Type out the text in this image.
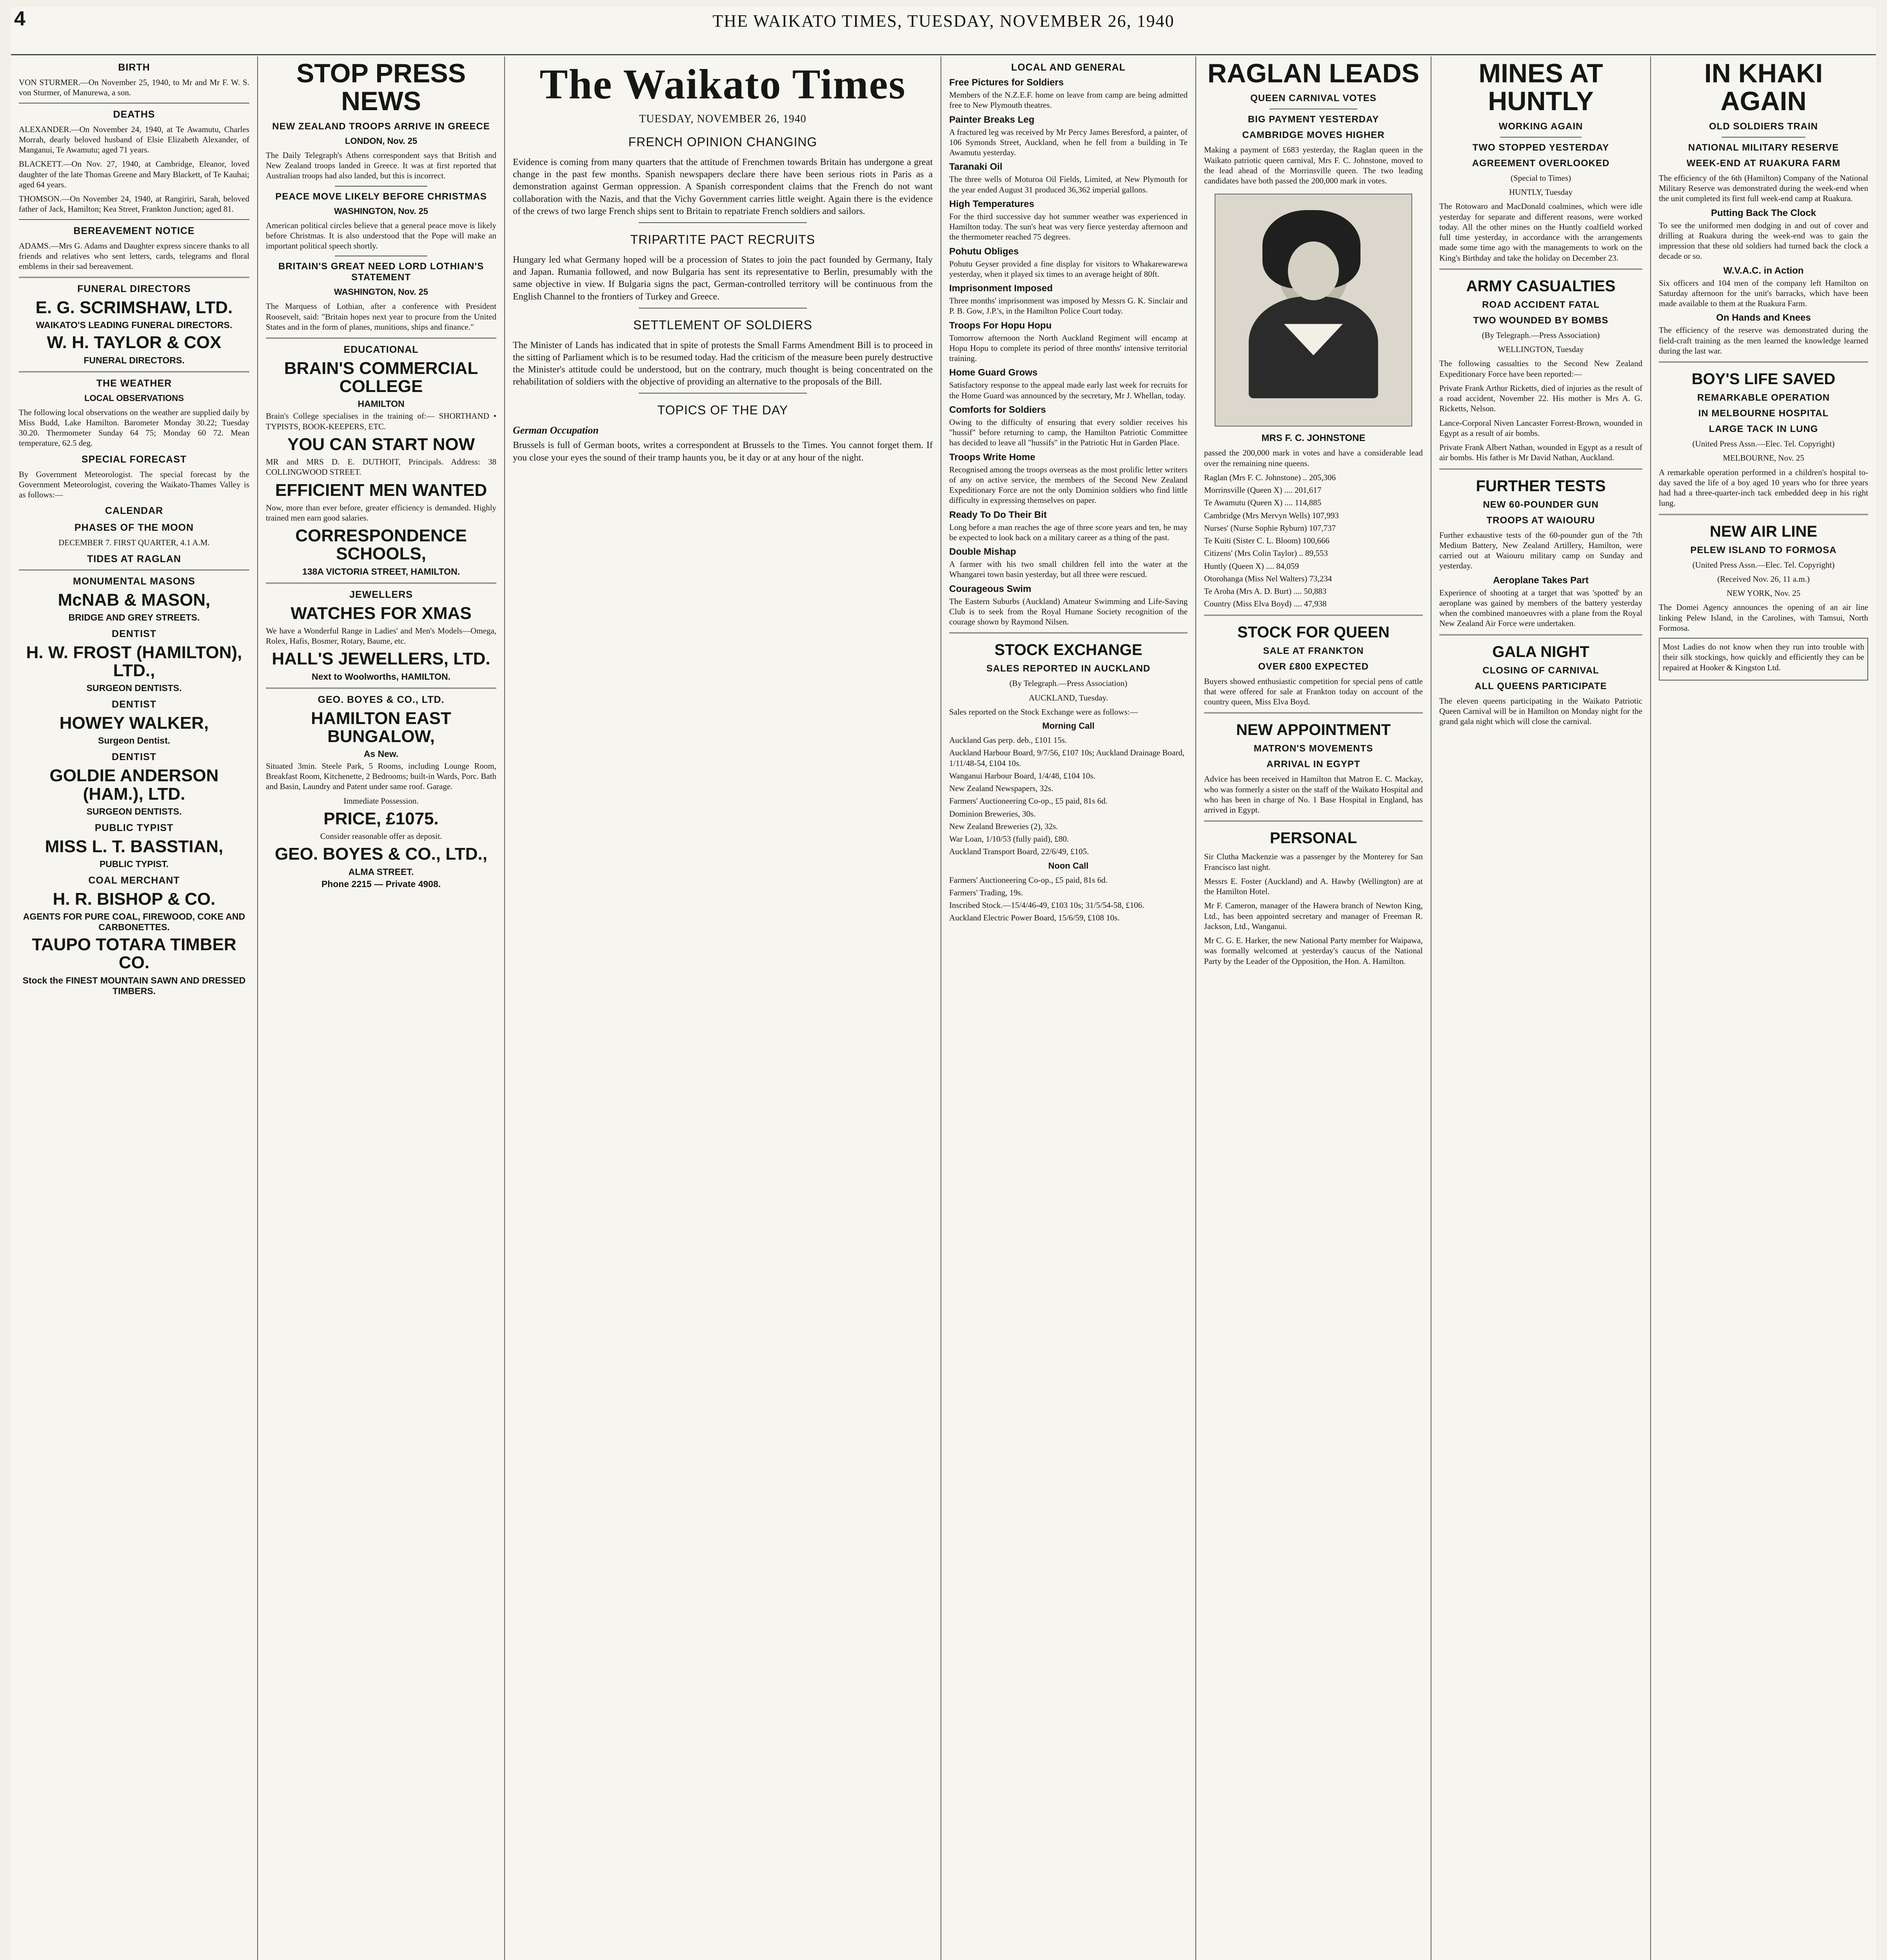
4	THE WAIKATO TIMES, TUESDAY, NOVEMBER 26, 1940
BIRTH

VON STURMER.—On November 25, 1940, to Mr and Mr F. W. S. von Sturmer, of Manurewa, a son.

DEATHS

ALEXANDER.—On November 24, 1940, at Te Awamutu, Charles Morrah, dearly beloved husband of Elsie Elizabeth Alexander, of Manganui, Te Awamutu; aged 71 years.

BLACKETT.—On Nov. 27, 1940, at Cambridge, Eleanor, loved daughter of the late Thomas Greene and Mary Blackett, of Te Kauhai; aged 64 years.

THOMSON.—On November 24, 1940, at Rangiriri, Sarah, beloved father of Jack, Hamilton; Kea Street, Frankton Junction; aged 81.

BEREAVEMENT NOTICE

ADAMS.—Mrs G. Adams and Daughter express sincere thanks to all friends and relatives who sent letters, cards, telegrams and floral emblems in their sad bereavement.

FUNERAL DIRECTORS
E. G. SCRIMSHAW, LTD.
WAIKATO'S LEADING FUNERAL DIRECTORS.
W. H. TAYLOR & COX
FUNERAL DIRECTORS.
THE WEATHER
LOCAL OBSERVATIONS

The following local observations on the weather are supplied daily by Miss Budd, Lake Hamilton. Barometer Monday 30.22; Tuesday 30.20. Thermometer Sunday 64 75; Monday 60 72. Mean temperature, 62.5 deg.

SPECIAL FORECAST

By Government Meteorologist. The special forecast by the Government Meteorologist, covering the Waikato-Thames Valley is as follows:—

CALENDAR
PHASES OF THE MOON

DECEMBER 7. FIRST QUARTER, 4.1 A.M.

TIDES AT RAGLAN
MONUMENTAL MASONS
McNAB & MASON,
BRIDGE AND GREY STREETS.
DENTIST
H. W. FROST (HAMILTON), LTD.,
SURGEON DENTISTS.
DENTIST
HOWEY WALKER,
Surgeon Dentist.
DENTIST
GOLDIE ANDERSON (HAM.), LTD.
SURGEON DENTISTS.
PUBLIC TYPIST
MISS L. T. BASSTIAN,
PUBLIC TYPIST.
COAL MERCHANT
H. R. BISHOP & CO.
AGENTS FOR PURE COAL, FIREWOOD, COKE AND CARBONETTES.
TAUPO TOTARA TIMBER CO.
Stock the FINEST MOUNTAIN SAWN AND DRESSED TIMBERS.
STOP PRESS NEWS
NEW ZEALAND TROOPS ARRIVE IN GREECE
LONDON, Nov. 25

The Daily Telegraph's Athens correspondent says that British and New Zealand troops landed in Greece. It was at first reported that Australian troops had also landed, but this is incorrect.

PEACE MOVE LIKELY BEFORE CHRISTMAS
WASHINGTON, Nov. 25

American political circles believe that a general peace move is likely before Christmas. It is also understood that the Pope will make an important political speech shortly.

BRITAIN'S GREAT NEED LORD LOTHIAN'S STATEMENT
WASHINGTON, Nov. 25

The Marquess of Lothian, after a conference with President Roosevelt, said: "Britain hopes next year to procure from the United States and in the form of planes, munitions, ships and finance."

EDUCATIONAL
BRAIN'S COMMERCIAL COLLEGE
HAMILTON

Brain's College specialises in the training of:— SHORTHAND • TYPISTS, BOOK-KEEPERS, ETC.

YOU CAN START NOW

MR and MRS D. E. DUTHOIT, Principals. Address: 38 COLLINGWOOD STREET.

EFFICIENT MEN WANTED

Now, more than ever before, greater efficiency is demanded. Highly trained men earn good salaries.

CORRESPONDENCE SCHOOLS,
138A VICTORIA STREET, HAMILTON.
JEWELLERS
WATCHES FOR XMAS

We have a Wonderful Range in Ladies' and Men's Models—Omega, Rolex, Hafis, Bosmer, Rotary, Baume, etc.

HALL'S JEWELLERS, LTD.
Next to Woolworths, HAMILTON.
GEO. BOYES & CO., LTD.
HAMILTON EAST BUNGALOW,
As New.

Situated 3min. Steele Park, 5 Rooms, including Lounge Room, Breakfast Room, Kitchenette, 2 Bedrooms; built-in Wards, Porc. Bath and Basin, Laundry and Patent under same roof. Garage.

Immediate Possession.

PRICE, £1075.

Consider reasonable offer as deposit.

GEO. BOYES & CO., LTD.,
ALMA STREET.
Phone 2215 — Private 4908.
The Waikato Times
TUESDAY, NOVEMBER 26, 1940
FRENCH OPINION CHANGING

Evidence is coming from many quarters that the attitude of Frenchmen towards Britain has undergone a great change in the past few months. Spanish newspapers declare there have been serious riots in Paris as a demonstration against German oppression. A Spanish correspondent claims that the French do not want collaboration with the Nazis, and that the Vichy Government carries little weight. Again there is the evidence of the crews of two large French ships sent to Britain to repatriate French soldiers and sailors.

TRIPARTITE PACT RECRUITS

Hungary led what Germany hoped will be a procession of States to join the pact founded by Germany, Italy and Japan. Rumania followed, and now Bulgaria has sent its representative to Berlin, presumably with the same objective in view. If Bulgaria signs the pact, German-controlled territory will be continuous from the English Channel to the frontiers of Turkey and Greece.

SETTLEMENT OF SOLDIERS

The Minister of Lands has indicated that in spite of protests the Small Farms Amendment Bill is to proceed in the sitting of Parliament which is to be resumed today. Had the criticism of the measure been purely destructive the Minister's attitude could be understood, but on the contrary, much thought is being concentrated on the rehabilitation of soldiers with the objective of providing an alternative to the proposals of the Bill.

TOPICS OF THE DAY
German Occupation

Brussels is full of German boots, writes a correspondent at Brussels to the Times. You cannot forget them. If you close your eyes the sound of their tramp haunts you, be it day or at any hour of the night.

LOCAL AND GENERAL
Free Pictures for Soldiers

Members of the N.Z.E.F. home on leave from camp are being admitted free to New Plymouth theatres.

Painter Breaks Leg

A fractured leg was received by Mr Percy James Beresford, a painter, of 106 Symonds Street, Auckland, when he fell from a building in Te Awamutu yesterday.

Taranaki Oil

The three wells of Moturoa Oil Fields, Limited, at New Plymouth for the year ended August 31 produced 36,362 imperial gallons.

High Temperatures

For the third successive day hot summer weather was experienced in Hamilton today. The sun's heat was very fierce yesterday afternoon and the thermometer reached 75 degrees.

Pohutu Obliges

Pohutu Geyser provided a fine display for visitors to Whakarewarewa yesterday, when it played six times to an average height of 80ft.

Imprisonment Imposed

Three months' imprisonment was imposed by Messrs G. K. Sinclair and P. B. Gow, J.P.'s, in the Hamilton Police Court today.

Troops For Hopu Hopu

Tomorrow afternoon the North Auckland Regiment will encamp at Hopu Hopu to complete its period of three months' intensive territorial training.

Home Guard Grows

Satisfactory response to the appeal made early last week for recruits for the Home Guard was announced by the secretary, Mr J. Whellan, today.

Comforts for Soldiers

Owing to the difficulty of ensuring that every soldier receives his "hussif" before returning to camp, the Hamilton Patriotic Committee has decided to leave all "hussifs" in the Patriotic Hut in Garden Place.

Troops Write Home

Recognised among the troops overseas as the most prolific letter writers of any on active service, the members of the Second New Zealand Expeditionary Force are not the only Dominion soldiers who find little difficulty in expressing themselves on paper.

Ready To Do Their Bit

Long before a man reaches the age of three score years and ten, he may be expected to look back on a military career as a thing of the past.

Double Mishap

A farmer with his two small children fell into the water at the Whangarei town basin yesterday, but all three were rescued.

Courageous Swim

The Eastern Suburbs (Auckland) Amateur Swimming and Life-Saving Club is to seek from the Royal Humane Society recognition of the courage shown by Raymond Nilsen.

STOCK EXCHANGE
SALES REPORTED IN AUCKLAND

(By Telegraph.—Press Association)

AUCKLAND, Tuesday.

Sales reported on the Stock Exchange were as follows:—

Morning Call
Auckland Gas perp. deb., £101 15s.
Auckland Harbour Board, 9/7/56, £107 10s; Auckland Drainage Board, 1/11/48-54, £104 10s.
Wanganui Harbour Board, 1/4/48, £104 10s.
New Zealand Newspapers, 32s.
Farmers' Auctioneering Co-op., £5 paid, 81s 6d.
Dominion Breweries, 30s.
New Zealand Breweries (2), 32s.
War Loan, 1/10/53 (fully paid), £80.
Auckland Transport Board, 22/6/49, £105.
Noon Call
Farmers' Auctioneering Co-op., £5 paid, 81s 6d.
Farmers' Trading, 19s.
Inscribed Stock.—15/4/46-49, £103 10s; 31/5/54-58, £106.
Auckland Electric Power Board, 15/6/59, £108 10s.
RAGLAN LEADS
QUEEN CARNIVAL VOTES
BIG PAYMENT YESTERDAY
CAMBRIDGE MOVES HIGHER

Making a payment of £683 yesterday, the Raglan queen in the Waikato patriotic queen carnival, Mrs F. C. Johnstone, moved to the lead ahead of the Morrinsville queen. The two leading candidates have both passed the 200,000 mark in votes.

MRS F. C. JOHNSTONE

passed the 200,000 mark in votes and have a considerable lead over the remaining nine queens.

Raglan (Mrs F. C. Johnstone) .. 205,306
Morrinsville (Queen X) .... 201,617
Te Awamutu (Queen X) .... 114,885
Cambridge (Mrs Mervyn Wells) 107,993
Nurses' (Nurse Sophie Ryburn) 107,737
Te Kuiti (Sister C. L. Bloom) 100,666
Citizens' (Mrs Colin Taylor) .. 89,553
Huntly (Queen X) .... 84,059
Otorohanga (Miss Nel Walters) 73,234
Te Aroha (Mrs A. D. Burt) .... 50,883
Country (Miss Elva Boyd) .... 47,938
STOCK FOR QUEEN
SALE AT FRANKTON
OVER £800 EXPECTED

Buyers showed enthusiastic competition for special pens of cattle that were offered for sale at Frankton today on account of the country queen, Miss Elva Boyd.

NEW APPOINTMENT
MATRON'S MOVEMENTS
ARRIVAL IN EGYPT

Advice has been received in Hamilton that Matron E. C. Mackay, who was formerly a sister on the staff of the Waikato Hospital and who has been in charge of No. 1 Base Hospital in England, has arrived in Egypt.

PERSONAL

Sir Clutha Mackenzie was a passenger by the Monterey for San Francisco last night.

Messrs E. Foster (Auckland) and A. Hawby (Wellington) are at the Hamilton Hotel.

Mr F. Cameron, manager of the Hawera branch of Newton King, Ltd., has been appointed secretary and manager of Freeman R. Jackson, Ltd., Wanganui.

Mr C. G. E. Harker, the new National Party member for Waipawa, was formally welcomed at yesterday's caucus of the National Party by the Leader of the Opposition, the Hon. A. Hamilton.

MINES AT HUNTLY
WORKING AGAIN
TWO STOPPED YESTERDAY
AGREEMENT OVERLOOKED

(Special to Times)

HUNTLY, Tuesday

The Rotowaro and MacDonald coalmines, which were idle yesterday for separate and different reasons, were worked today. All the other mines on the Huntly coalfield worked full time yesterday, in accordance with the arrangements made some time ago with the managements to work on the King's Birthday and take the holiday on December 23.

ARMY CASUALTIES
ROAD ACCIDENT FATAL
TWO WOUNDED BY BOMBS

(By Telegraph.—Press Association)

WELLINGTON, Tuesday

The following casualties to the Second New Zealand Expeditionary Force have been reported:—

Private Frank Arthur Ricketts, died of injuries as the result of a road accident, November 22. His mother is Mrs A. G. Ricketts, Nelson.

Lance-Corporal Niven Lancaster Forrest-Brown, wounded in Egypt as a result of air bombs.

Private Frank Albert Nathan, wounded in Egypt as a result of air bombs. His father is Mr David Nathan, Auckland.

FURTHER TESTS
NEW 60-POUNDER GUN
TROOPS AT WAIOURU

Further exhaustive tests of the 60-pounder gun of the 7th Medium Battery, New Zealand Artillery, Hamilton, were carried out at Waiouru military camp on Sunday and yesterday.

Aeroplane Takes Part

Experience of shooting at a target that was 'spotted' by an aeroplane was gained by members of the battery yesterday when the combined manoeuvres with a plane from the Royal New Zealand Air Force were undertaken.

GALA NIGHT
CLOSING OF CARNIVAL
ALL QUEENS PARTICIPATE

The eleven queens participating in the Waikato Patriotic Queen Carnival will be in Hamilton on Monday night for the grand gala night which will close the carnival.

IN KHAKI AGAIN
OLD SOLDIERS TRAIN
NATIONAL MILITARY RESERVE
WEEK-END AT RUAKURA FARM

The efficiency of the 6th (Hamilton) Company of the National Military Reserve was demonstrated during the week-end when the unit completed its first full week-end camp at Ruakura.

Putting Back The Clock

To see the uniformed men dodging in and out of cover and drilling at Ruakura during the week-end was to gain the impression that these old soldiers had turned back the clock a decade or so.

W.V.A.C. in Action

Six officers and 104 men of the company left Hamilton on Saturday afternoon for the unit's barracks, which have been made available to them at the Ruakura Farm.

On Hands and Knees

The efficiency of the reserve was demonstrated during the field-craft training as the men learned the knowledge learned during the last war.

BOY'S LIFE SAVED
REMARKABLE OPERATION
IN MELBOURNE HOSPITAL
LARGE TACK IN LUNG

(United Press Assn.—Elec. Tel. Copyright)

MELBOURNE, Nov. 25

A remarkable operation performed in a children's hospital to-day saved the life of a boy aged 10 years who for three years had had a three-quarter-inch tack embedded deep in his right lung.

NEW AIR LINE
PELEW ISLAND TO FORMOSA

(United Press Assn.—Elec. Tel. Copyright)

(Received Nov. 26, 11 a.m.)

NEW YORK, Nov. 25

The Domei Agency announces the opening of an air line linking Pelew Island, in the Carolines, with Tamsui, North Formosa.

Most Ladies do not know when they run into trouble with their silk stockings, how quickly and efficiently they can be repaired at Hooker & Kingston Ltd.
